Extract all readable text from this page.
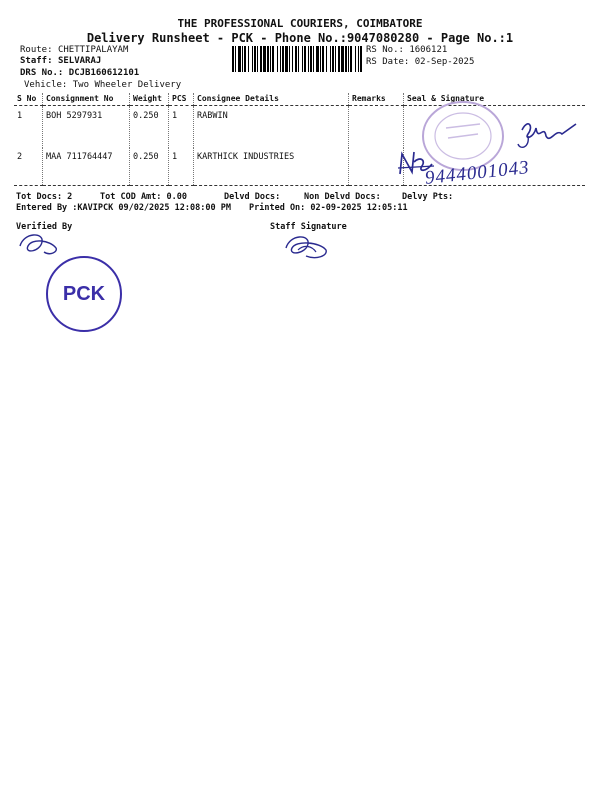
THE PROFESSIONAL COURIERS, COIMBATORE
Delivery Runsheet - PCK - Phone No.:9047080280 - Page No.:1
Route: CHETTIPALAYAM
Staff: SELVARAJ
DRS No.: DCJB160612101
Vehicle: Two Wheeler Delivery
RS No.: 1606121
RS Date: 02-Sep-2025
S No	Consignment No	Weight	PCS	Consignee Details	Remarks	Seal & Signature
1	BOH 5297931	0.250	1	RABWIN		
2	MAA 711764447	0.250	1	KARTHICK INDUSTRIES		
Tot Docs: 2	Tot COD Amt: 0.00	Delvd Docs:	Non Delvd Docs: Delvy Pts:
Entered By :KAVIPCK 09/02/2025 12:08:00 PM Printed On: 02-09-2025 12:05:11
Verified By	Staff Signature
PCK
9444001043
